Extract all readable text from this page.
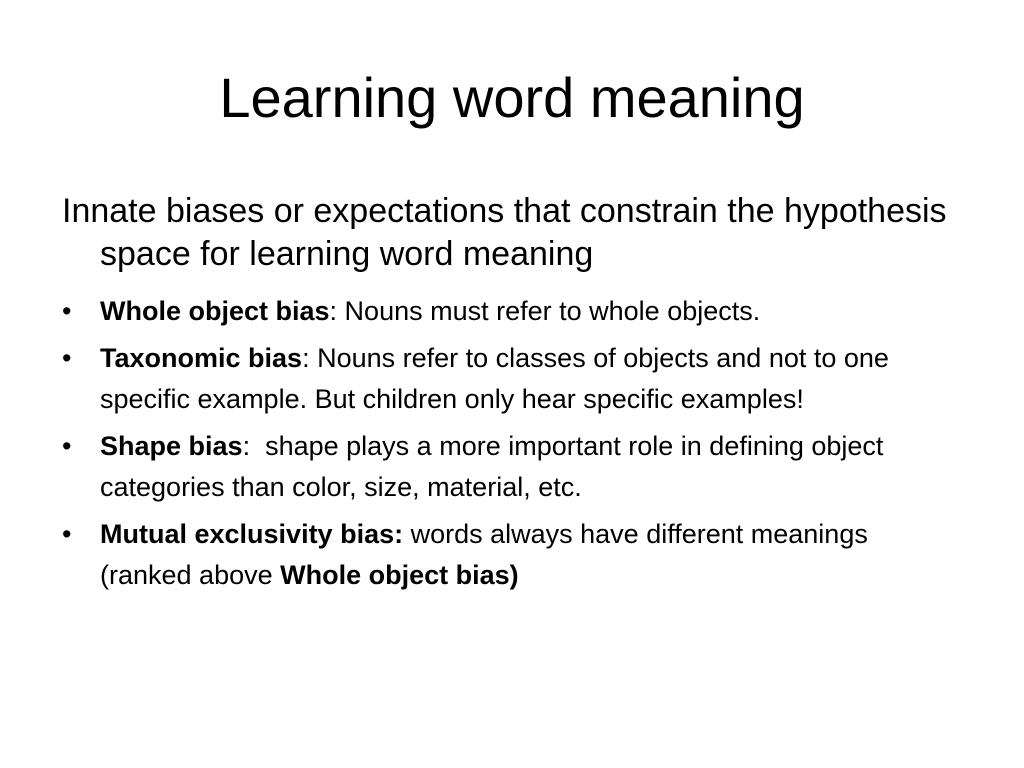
Learning word meaning

Innate biases or expectations that constrain the hypothesis space for learning word meaning

•	Whole object bias: Nouns must refer to whole objects.
•	Taxonomic bias: Nouns refer to classes of objects and not to one specific example. But children only hear specific examples!
•	Shape bias:  shape plays a more important role in defining object categories than color, size, material, etc.
•	Mutual exclusivity bias: words always have different meanings (ranked above Whole object bias)
